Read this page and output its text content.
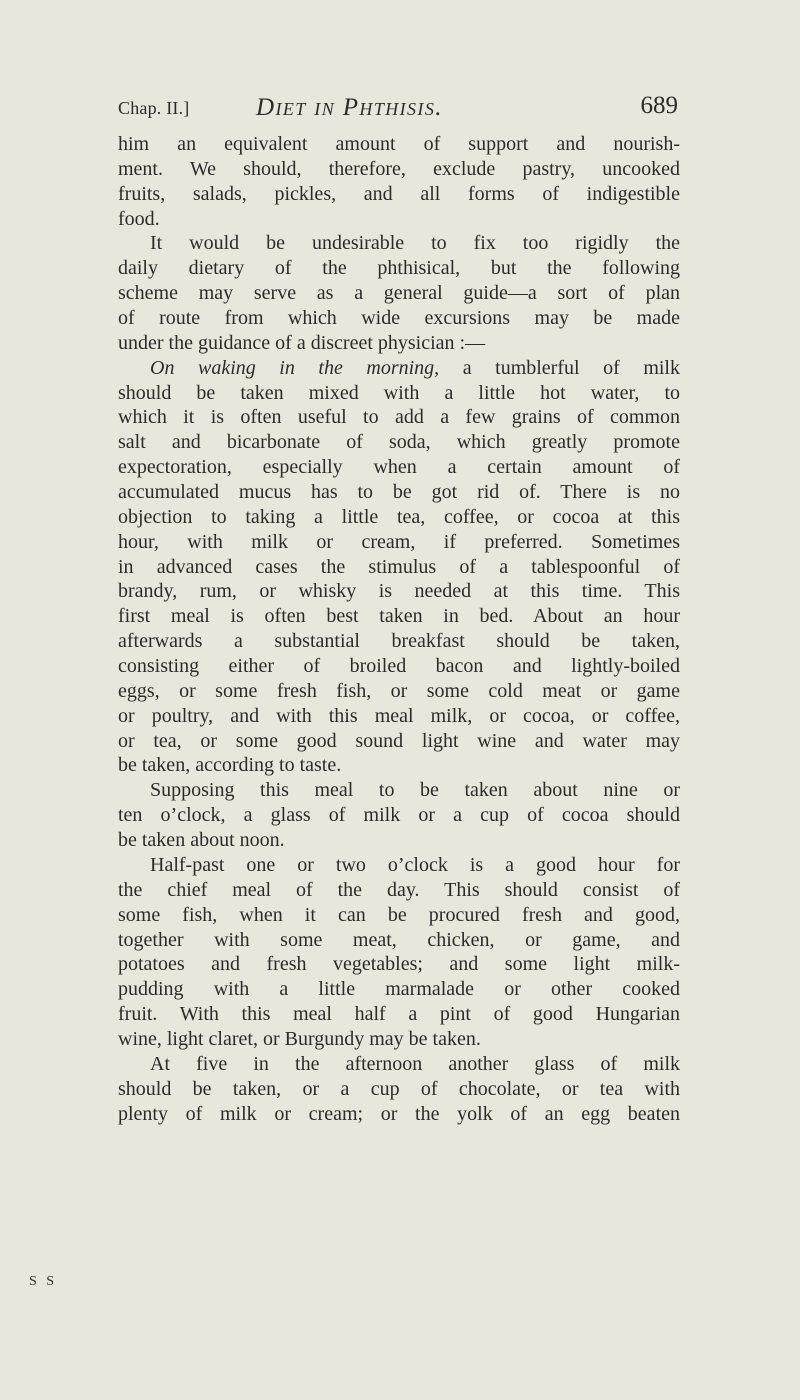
Chap. II.]	Diet in Phthisis.	689
him an equivalent amount of support and nourish-
ment. We should, therefore, exclude pastry, uncooked
fruits, salads, pickles, and all forms of indigestible
food.
It would be undesirable to fix too rigidly the
daily dietary of the phthisical, but the following
scheme may serve as a general guide—a sort of plan
of route from which wide excursions may be made
under the guidance of a discreet physician :—
On waking in the morning, a tumblerful of milk
should be taken mixed with a little hot water, to
which it is often useful to add a few grains of common
salt and bicarbonate of soda, which greatly promote
expectoration, especially when a certain amount of
accumulated mucus has to be got rid of. There is no
objection to taking a little tea, coffee, or cocoa at this
hour, with milk or cream, if preferred. Sometimes
in advanced cases the stimulus of a tablespoonful of
brandy, rum, or whisky is needed at this time. This
first meal is often best taken in bed. About an hour
afterwards a substantial breakfast should be taken,
consisting either of broiled bacon and lightly-boiled
eggs, or some fresh fish, or some cold meat or game
or poultry, and with this meal milk, or cocoa, or coffee,
or tea, or some good sound light wine and water may
be taken, according to taste.
Supposing this meal to be taken about nine or
ten o’clock, a glass of milk or a cup of cocoa should
be taken about noon.
Half-past one or two o’clock is a good hour for
the chief meal of the day. This should consist of
some fish, when it can be procured fresh and good,
together with some meat, chicken, or game, and
potatoes and fresh vegetables; and some light milk-
pudding with a little marmalade or other cooked
fruit. With this meal half a pint of good Hungarian
wine, light claret, or Burgundy may be taken.
At five in the afternoon another glass of milk
should be taken, or a cup of chocolate, or tea with
plenty of milk or cream; or the yolk of an egg beaten
S S
